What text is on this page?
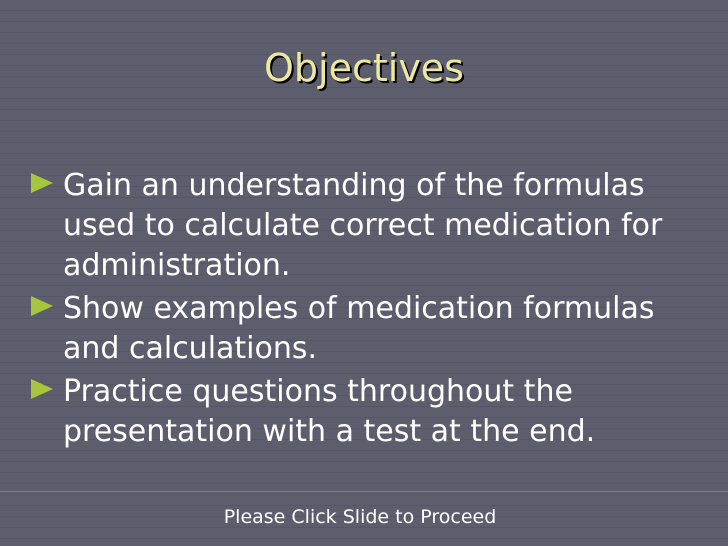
Objectives
Gain an understanding of the formulas used to calculate correct medication for administration.
Show examples of medication formulas and calculations.
Practice questions throughout the presentation with a test at the end.
Please Click Slide to Proceed
